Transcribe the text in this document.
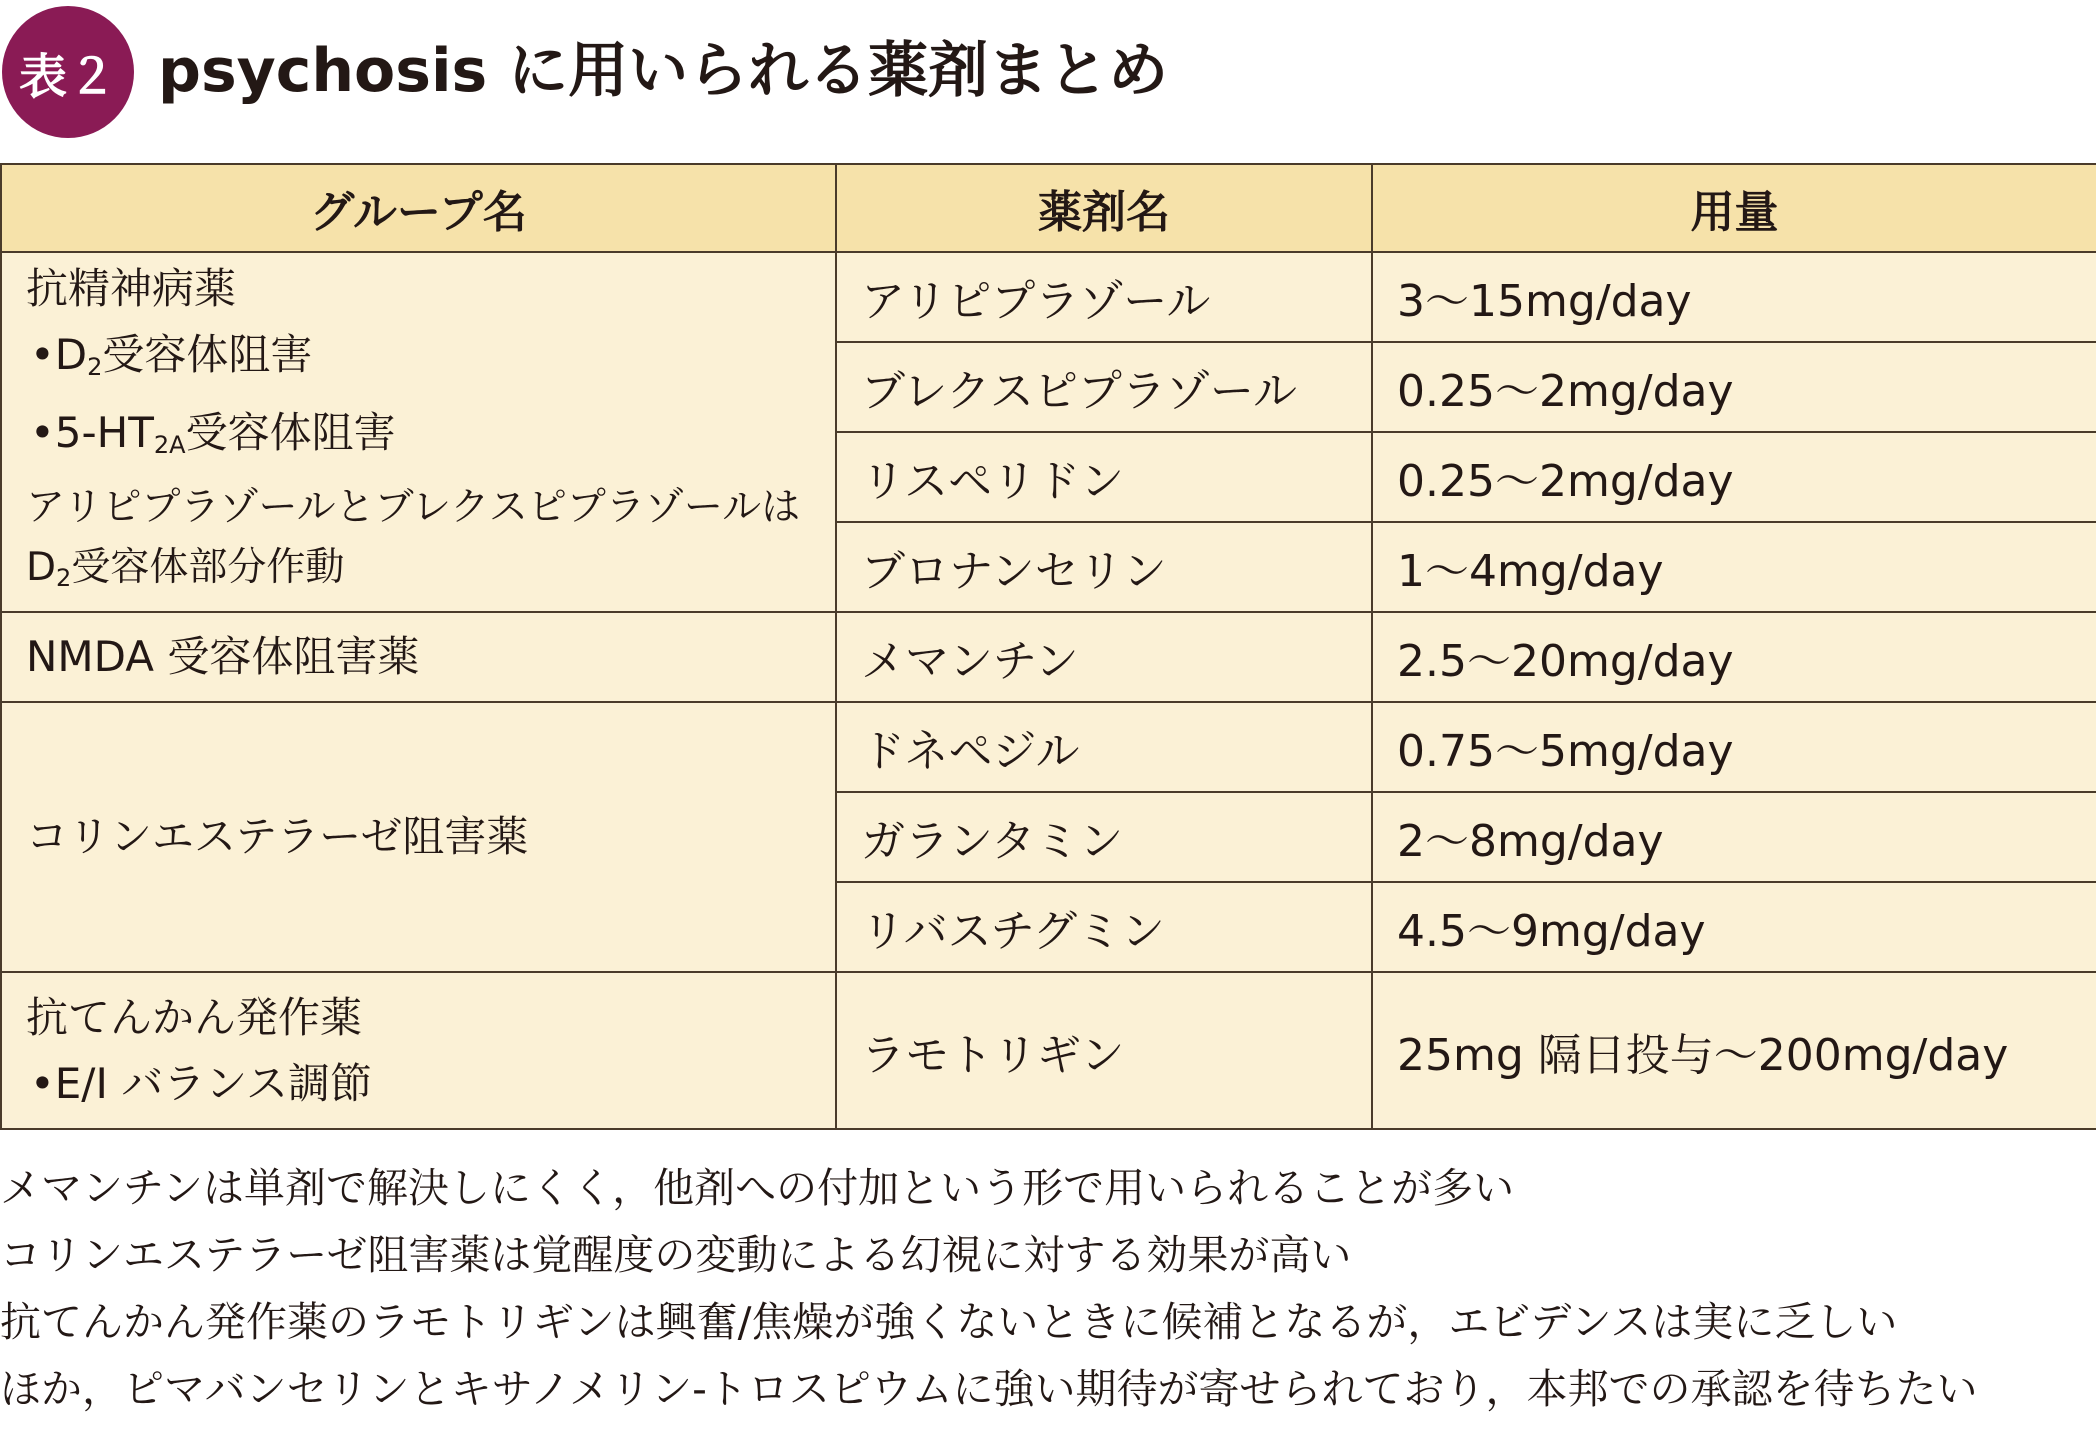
表２ psychosis に用いられる薬剤まとめ
グループ名	薬剤名	用量

抗精神病薬
$•D_2$受容体阻害
$•5-HT_{2A}$受容体阻害
アリピプラゾールとブレクスピプラゾールは
$D_2$受容体部分作動	アリピプラゾール	3〜15mg/day
	ブレクスピプラゾール	0.25〜2mg/day
	リスペリドン	0.25〜2mg/day
	ブロナンセリン	1〜4mg/day
NMDA 受容体阻害薬	メマンチン	2.5〜20mg/day
コリンエステラーゼ阻害薬	ドネペジル	0.75〜5mg/day
	ガランタミン	2〜8mg/day
	リバスチグミン	4.5〜9mg/day

抗てんかん発作薬
•E/I バランス調節	ラモトリギン	25mg 隔日投与〜200mg/day
メマンチンは単剤で解決しにくく，他剤への付加という形で用いられることが多い
コリンエステラーゼ阻害薬は覚醒度の変動による幻視に対する効果が高い
抗てんかん発作薬のラモトリギンは興奮/焦燥が強くないときに候補となるが，エビデンスは実に乏しい
ほか，ピマバンセリンとキサノメリン-トロスピウムに強い期待が寄せられており，本邦での承認を待ちたい
